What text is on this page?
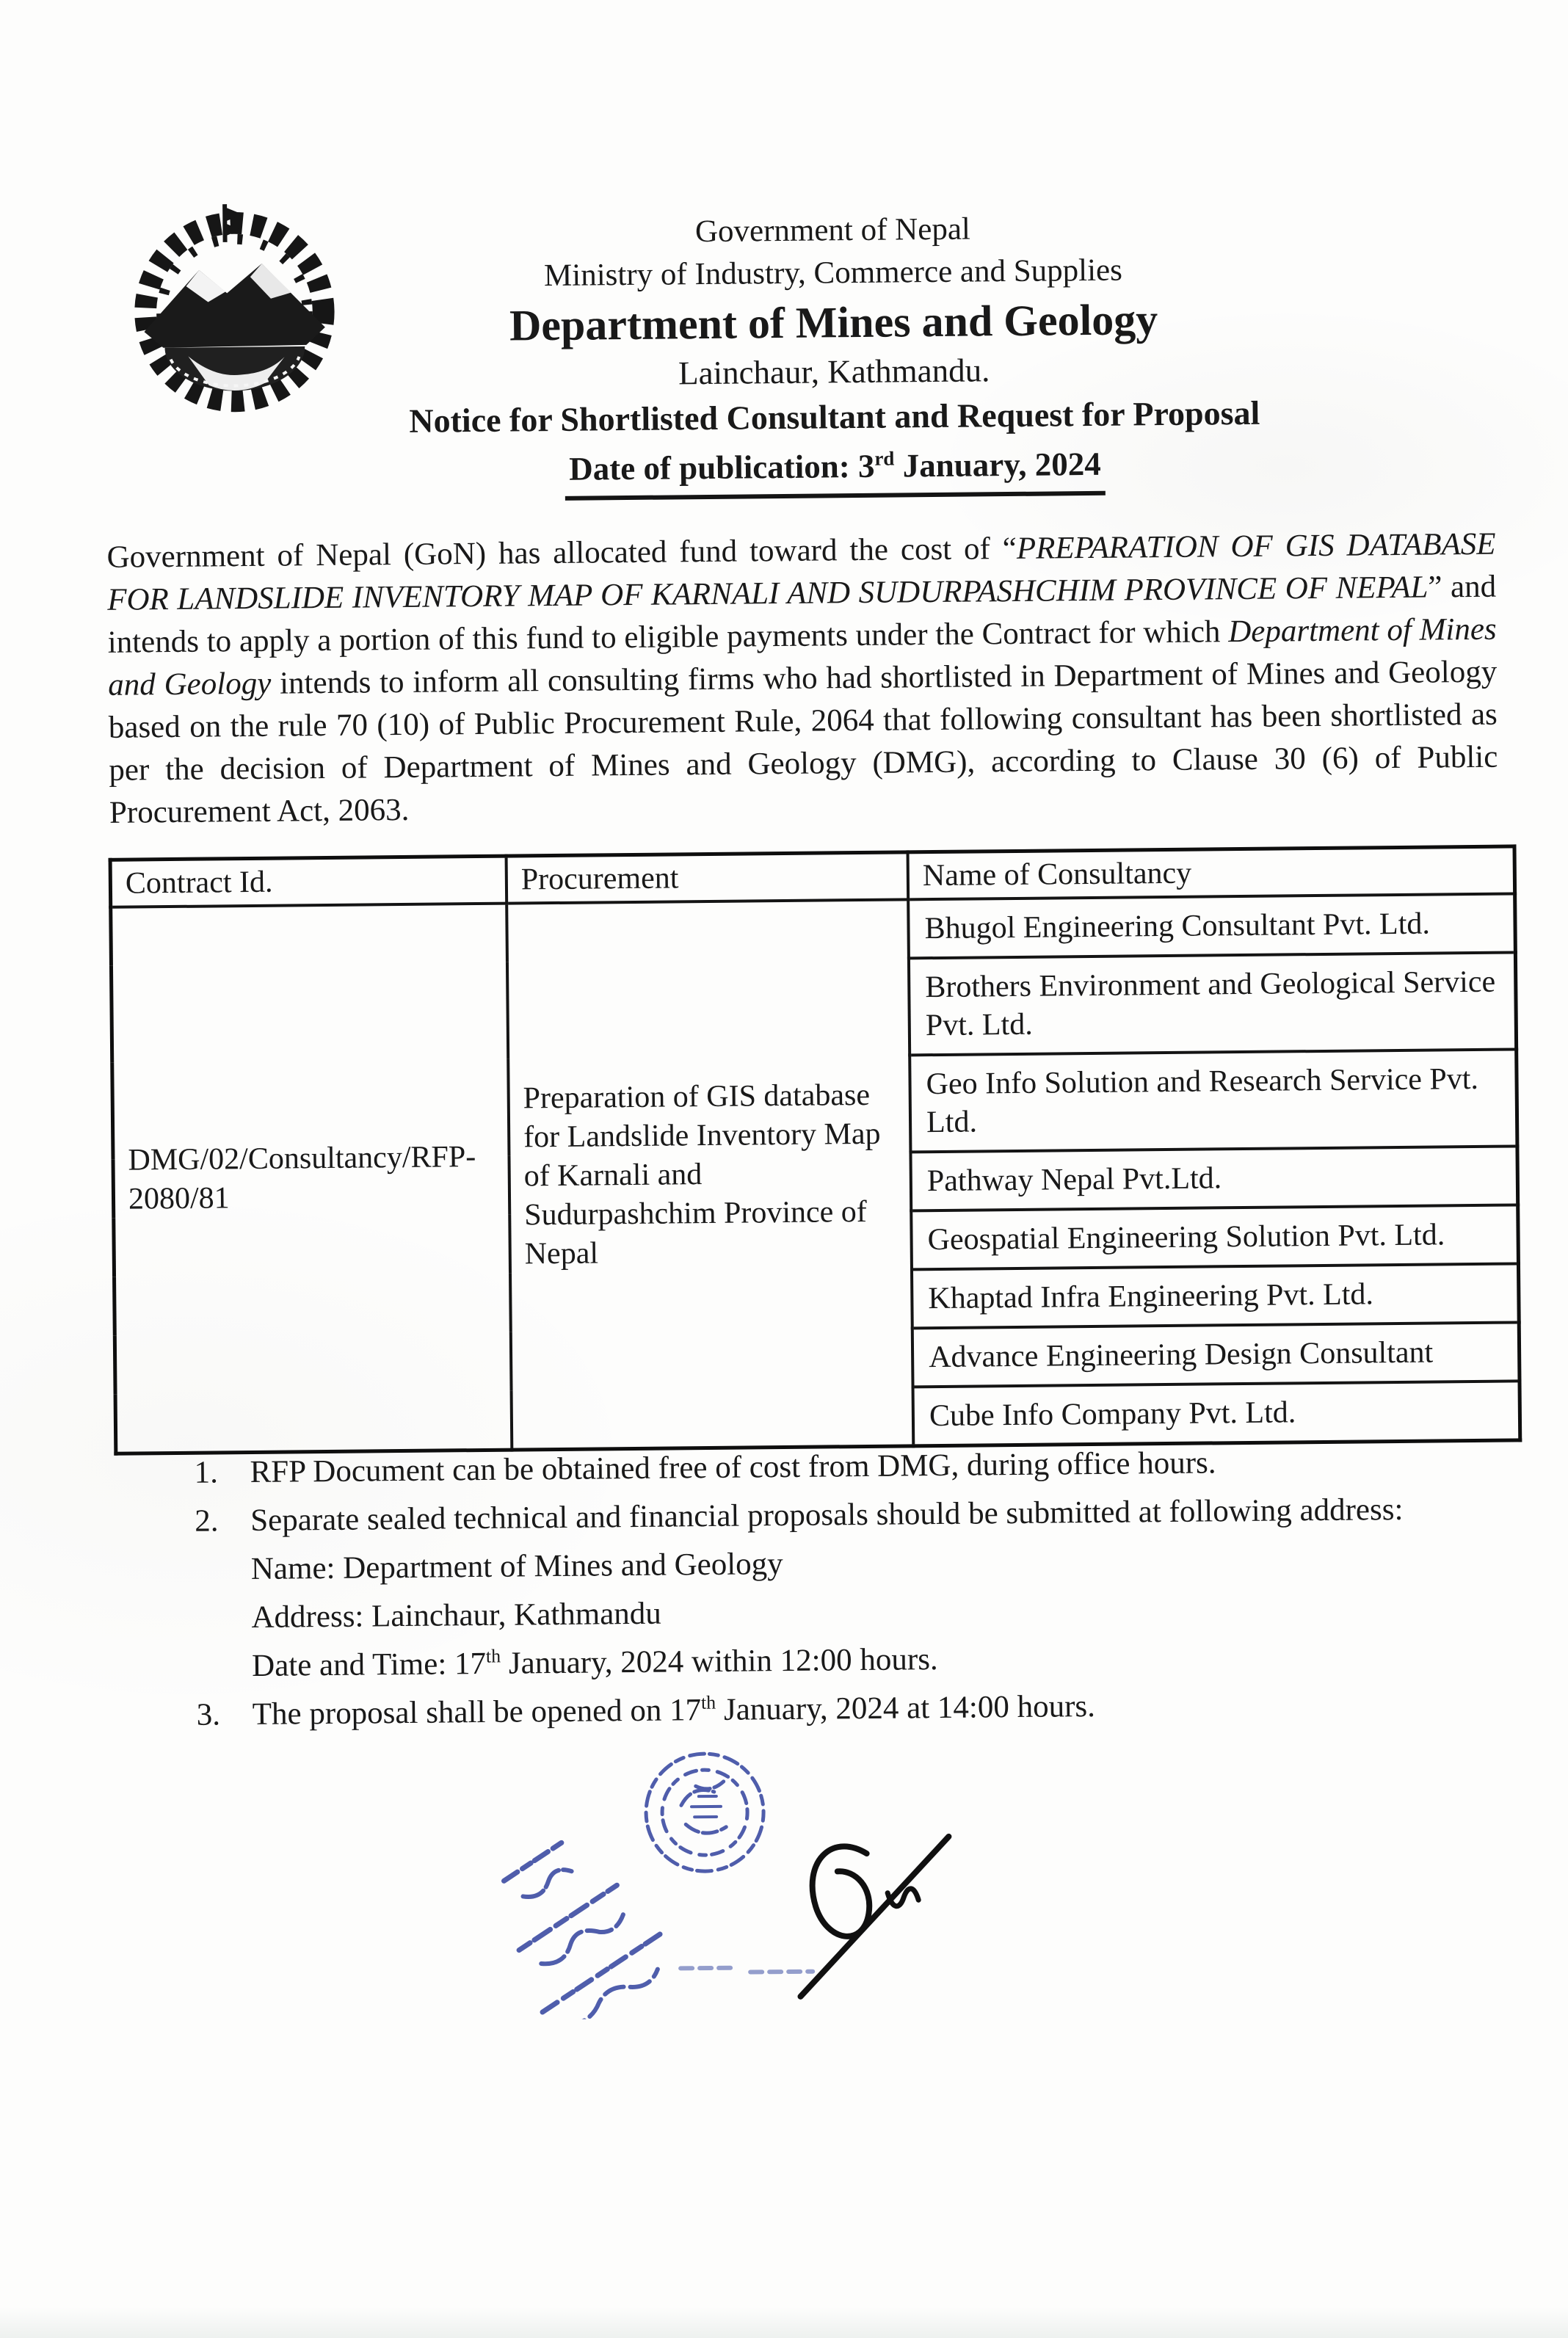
Government of Nepal
Ministry of Industry, Commerce and Supplies
Department of Mines and Geology
Lainchaur, Kathmandu.
Notice for Shortlisted Consultant and Request for Proposal
Date of publication: 3rd January, 2024
Government of Nepal (GoN) has allocated fund toward the cost of “PREPARATION OF GIS DATABASE FOR LANDSLIDE INVENTORY MAP OF KARNALI AND SUDURPASHCHIM PROVINCE OF NEPAL” and intends to apply a portion of this fund to eligible payments under the Contract for which Department of Mines and Geology intends to inform all consulting firms who had shortlisted in Department of Mines and Geology based on the rule 70 (10) of Public Procurement Rule, 2064 that following consultant has been shortlisted as per the decision of Department of Mines and Geology (DMG), according to Clause 30 (6) of Public Procurement Act, 2063.
Contract Id.	Procurement	Name of Consultancy
DMG/02/Consultancy/RFP-2080/81	Preparation of GIS database for Landslide Inventory Map of Karnali and Sudurpashchim Province of Nepal	Bhugol Engineering Consultant Pvt. Ltd.
		Brothers Environment and Geological Service Pvt. Ltd.
		Geo Info Solution and Research Service Pvt. Ltd.
		Pathway Nepal Pvt.Ltd.
		Geospatial Engineering Solution Pvt. Ltd.
		Khaptad Infra Engineering Pvt. Ltd.
		Advance Engineering Design Consultant
		Cube Info Company Pvt. Ltd.
1.	RFP Document can be obtained free of cost from DMG, during office hours.
2.	Separate sealed technical and financial proposals should be submitted at following address:
Name: Department of Mines and Geology
Address: Lainchaur, Kathmandu
Date and Time: 17th January, 2024 within 12:00 hours.
3.	The proposal shall be opened on 17th January, 2024 at 14:00 hours.
